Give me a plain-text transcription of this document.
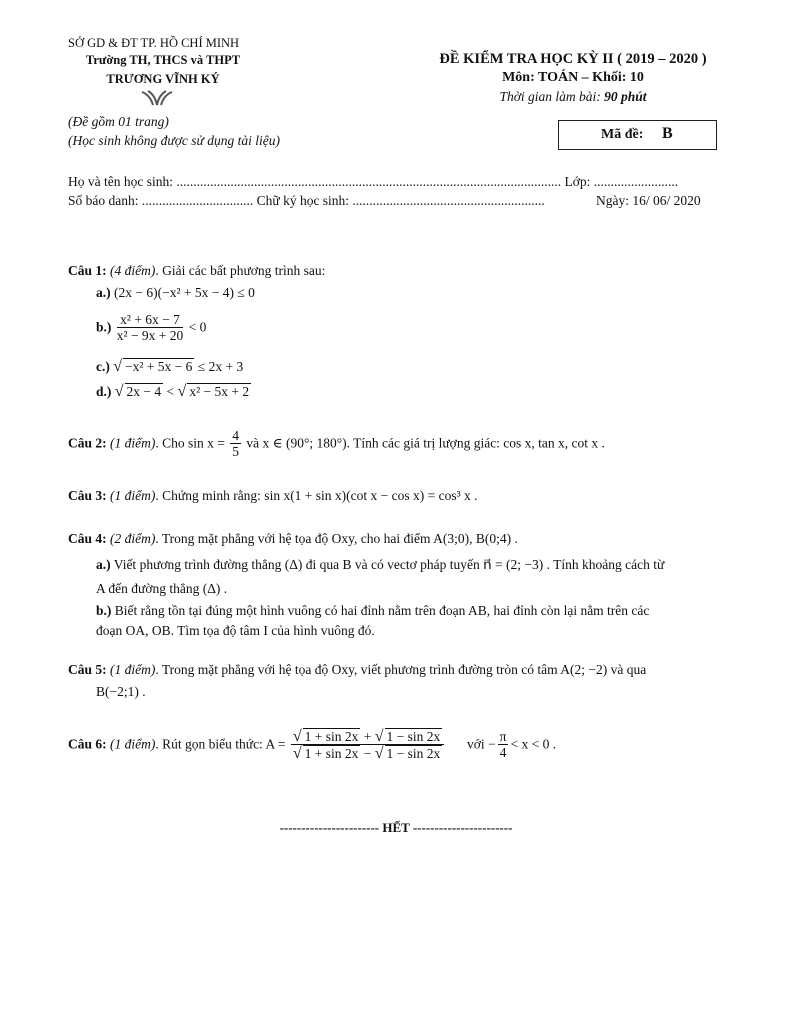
SỞ GD & ĐT TP. HỒ CHÍ MINH
Trường TH, THCS và THPT
TRƯƠNG VĨNH KÝ
ĐỀ KIỂM TRA HỌC KỲ II ( 2019 – 2020 )
Môn: TOÁN – Khối: 10
Thời gian làm bài: 90 phút
(Đề gồm 01 trang)
(Học sinh không được sử dụng tài liệu)	Mã đề: B
Họ và tên học sinh: .................................................................................................................. Lớp: .........................
Số báo danh: ................................. Chữ ký học sinh: .........................................................	Ngày: 16/ 06/ 2020
Câu 1: (4 điểm). Giải các bất phương trình sau:
a.) (2x − 6)(−x² + 5x − 4) ≤ 0
$b.) \frac{\text{x² + 6x − 7}}{\text{x² − 9x + 20}} < 0$
c.) √ −x² + 5x − 6 ≤ 2x + 3
d.) √ 2x − 4 < √ x² − 5x + 2
Câu 2: (1 điểm). Cho $\sin x = \frac{4}{5}$ và x ∈ (90°; 180°). Tính các giá trị lượng giác: cos x, tan x, cot x .
Câu 3: (1 điểm). Chứng minh rằng: sin x(1 + sin x)(cot x − cos x) = cos³ x .
Câu 4: (2 điểm). Trong mặt phẳng với hệ tọa độ Oxy, cho hai điểm A(3;0), B(0;4) .
a.) Viết phương trình đường thẳng (Δ) đi qua B và có vectơ pháp tuyến n⃗ = (2; −3) . Tính khoảng cách từ
A đến đường thẳng (Δ) .
b.) Biết rằng tồn tại đúng một hình vuông có hai đỉnh nằm trên đoạn AB, hai đỉnh còn lại nằm trên các
đoạn OA, OB. Tìm tọa độ tâm I của hình vuông đó.
Câu 5: (1 điểm). Trong mặt phẳng với hệ tọa độ Oxy, viết phương trình đường tròn có tâm A(2; −2) và qua
B(−2;1) .
Câu 6: (1 điểm). Rút gọn biểu thức: $A = \frac{√ 1 + \sin 2x + √ 1 - \sin 2x}{√ 1 + \sin 2x - √ 1 - \sin 2x}$ với − $\frac{\pi}{4} < x < 0$ .
----------------------- HẾT -----------------------
